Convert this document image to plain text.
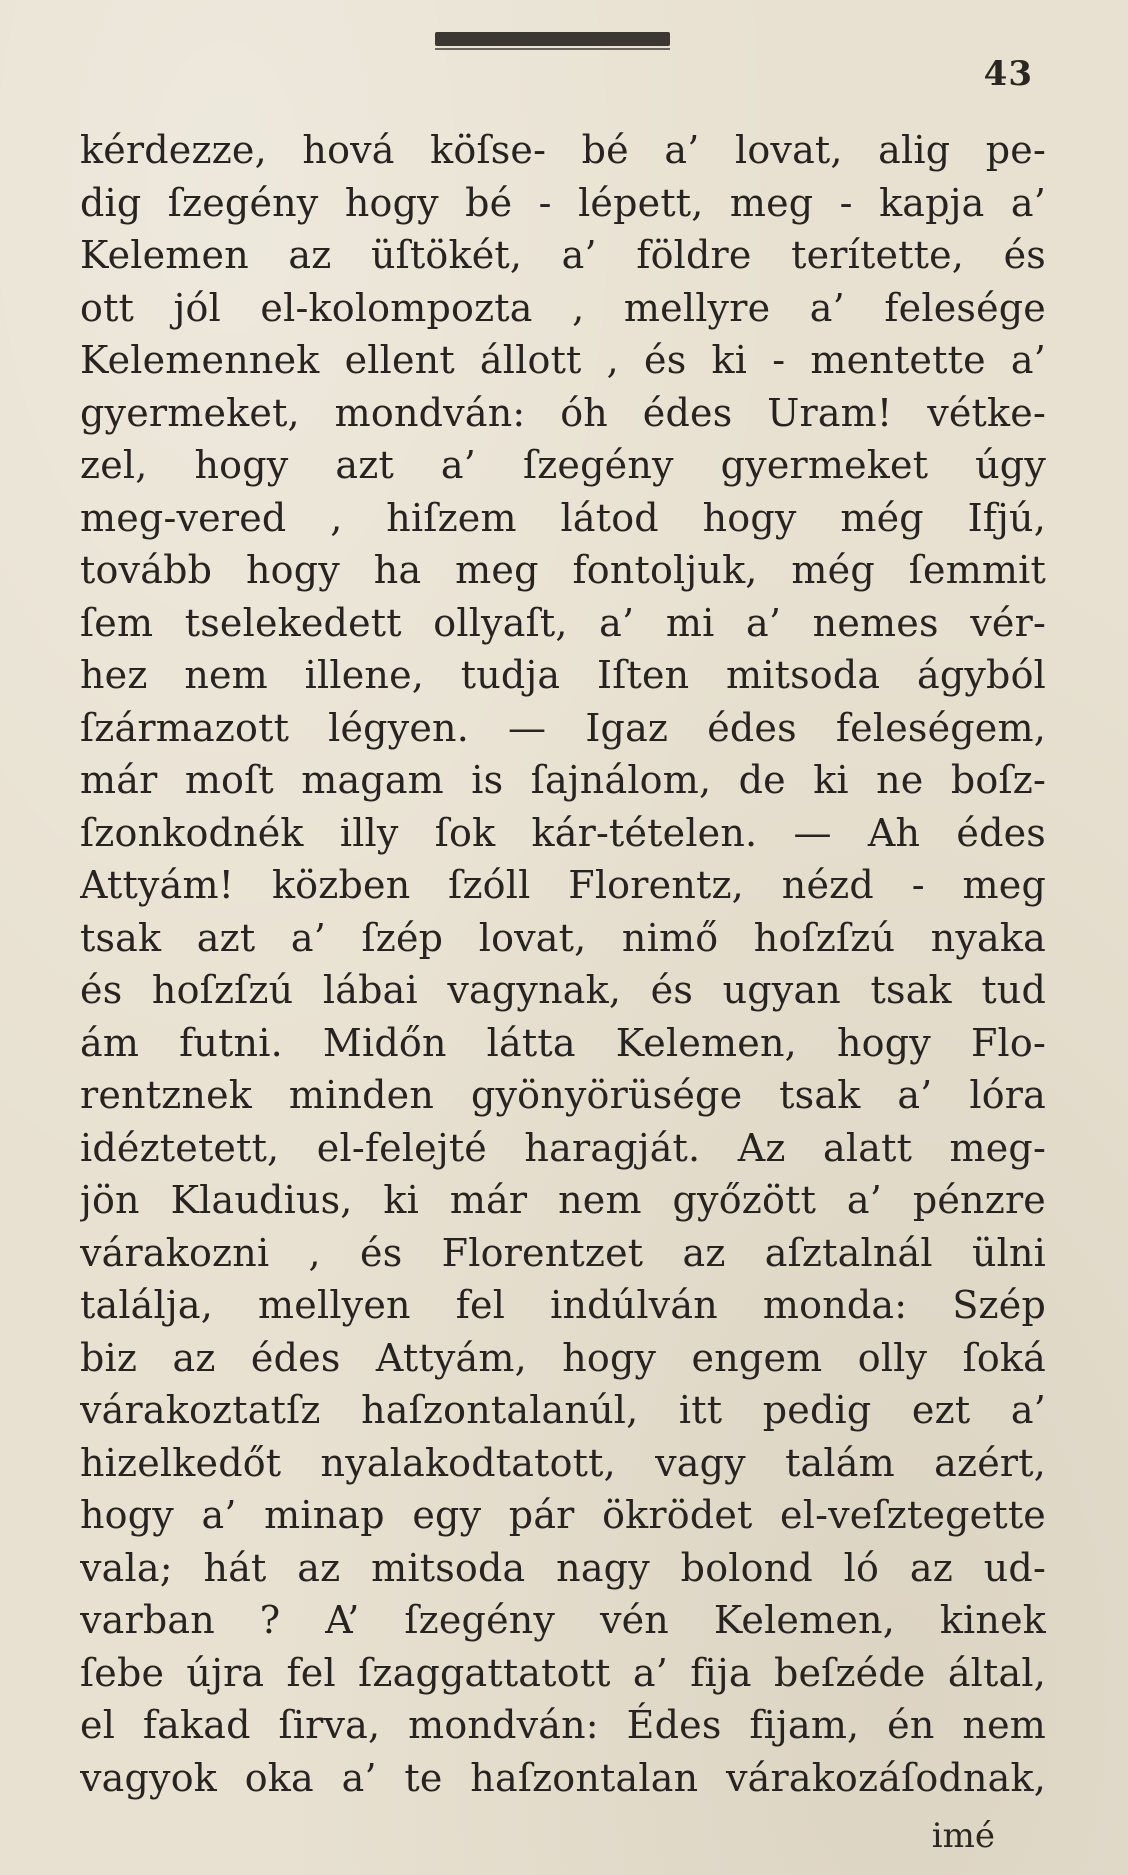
43
kérdezze, hová köſse- bé a’ lovat, alig pe-
dig ſzegény hogy bé - lépett, meg - kapja a’
Kelemen az üſtökét, a’ földre terítette, és
ott jól el-kolompozta , mellyre a’ felesége
Kelemennek ellent állott , és ki - mentette a’
gyermeket, mondván: óh édes Uram! vétke-
zel, hogy azt a’ ſzegény gyermeket úgy
meg-vered , hiſzem látod hogy még Ifjú,
tovább hogy ha meg fontoljuk, még ſemmit
ſem tselekedett ollyaſt, a’ mi a’ nemes vér-
hez nem illene, tudja Iſten mitsoda ágyból
ſzármazott légyen. — Igaz édes feleségem,
már moſt magam is ſajnálom, de ki ne boſz-
ſzonkodnék illy ſok kár-tételen. — Ah édes
Attyám! közben ſzóll Florentz, nézd - meg
tsak azt a’ ſzép lovat, nimő hoſzſzú nyaka
és hoſzſzú lábai vagynak, és ugyan tsak tud
ám futni. Midőn látta Kelemen, hogy Flo-
rentznek minden gyönyörüsége tsak a’ lóra
idéztetett, el-felejté haragját. Az alatt meg-
jön Klaudius, ki már nem győzött a’ pénzre
várakozni , és Florentzet az aſztalnál ülni
találja, mellyen fel indúlván monda: Szép
biz az édes Attyám, hogy engem olly ſoká
várakoztatſz haſzontalanúl, itt pedig ezt a’
hizelkedőt nyalakodtatott, vagy talám azért,
hogy a’ minap egy pár ökrödet el-veſztegette
vala; hát az mitsoda nagy bolond ló az ud-
varban ? A’ ſzegény vén Kelemen, kinek
ſebe újra fel ſzaggattatott a’ fija beſzéde által,
el fakad ſirva, mondván: Édes fijam, én nem
vagyok oka a’ te haſzontalan várakozáſodnak,
imé
